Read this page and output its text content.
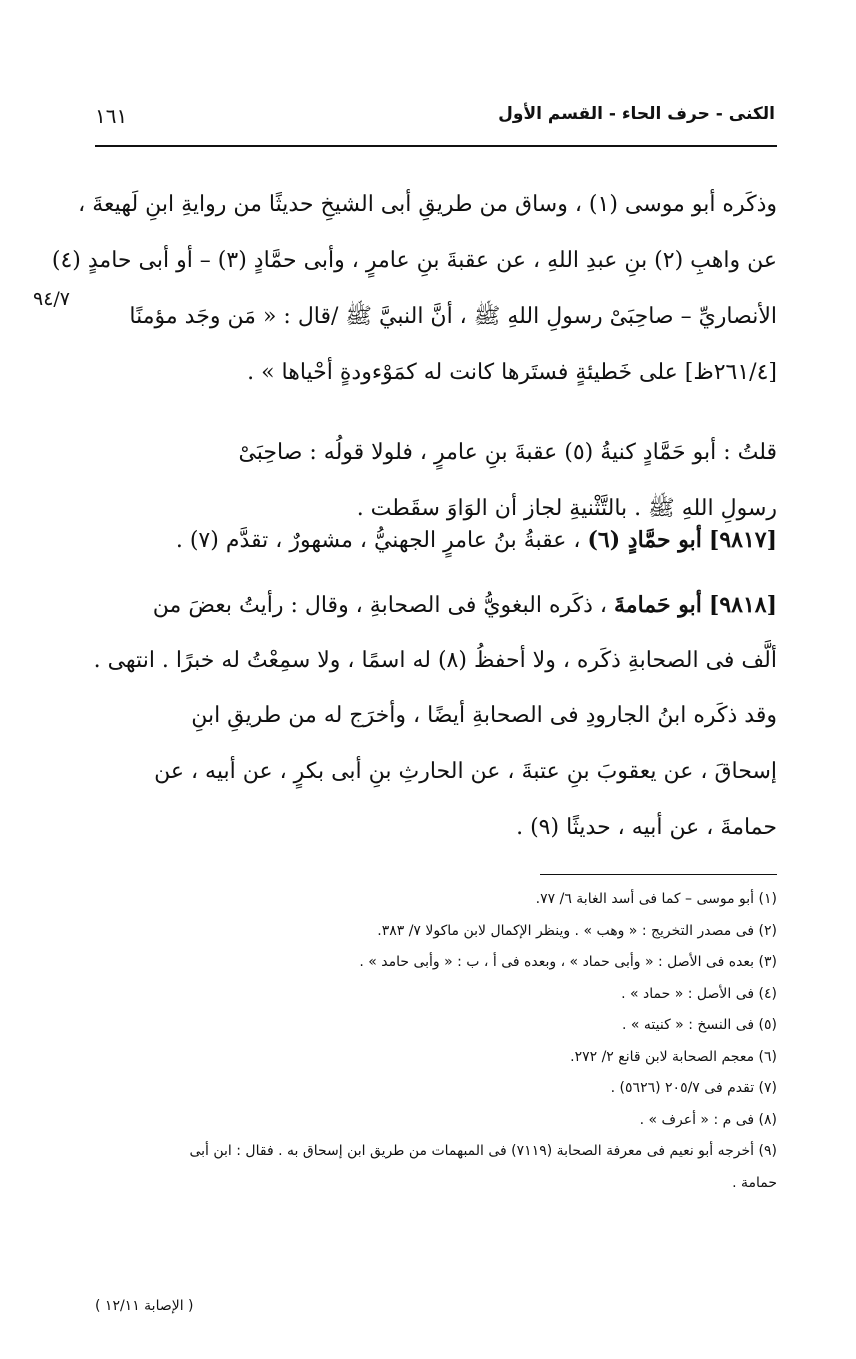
الكنى - حرف الحاء - القسم الأول
١٦١
٩٤/٧
وذكَره أبو موسى (١) ، وساق من طريقِ أبى الشيخِ حديثًا من روايةِ ابنِ لَهيعةَ ،
عن واهبِ (٢) بنِ عبدِ اللهِ ، عن عقبةَ بنِ عامرٍ ، وأبى حمَّادٍ (٣) – أو أبى حامدٍ (٤)
الأنصاريِّ – صاحِبَىْ رسولِ اللهِ ﷺ ، أنَّ النبيَّ ﷺ /قال : « مَن وجَد مؤمنًا
[٢٦١/٤ظ] على خَطيئةٍ فستَرها كانت له كمَوْءودةٍ أحْياها » .
قلتُ : أبو حَمَّادٍ كنيةُ (٥) عقبةَ بنِ عامرٍ ، فلولا قولُه : صاحِبَىْ
رسولِ اللهِ ﷺ . بالتَّثْنيةِ لجاز أن الوَاوَ سقَطت .
[٩٨١٧] أبو حمَّادٍ (٦) ، عقبةُ بنُ عامرٍ الجهنيُّ ، مشهورٌ ، تقدَّم (٧) .
[٩٨١٨] أبو حَمامةَ ، ذكَره البغويُّ فى الصحابةِ ، وقال : رأيتُ بعضَ من
ألَّف فى الصحابةِ ذكَره ، ولا أحفظُ (٨) له اسمًا ، ولا سمِعْتُ له خبرًا . انتهى .
وقد ذكَره ابنُ الجارودِ فى الصحابةِ أيضًا ، وأخرَج له من طريقِ ابنِ
إسحاقَ ، عن يعقوبَ بنِ عتبةَ ، عن الحارثِ بنِ أبى بكرٍ ، عن أبيه ، عن
حمامةَ ، عن أبيه ، حديثًا (٩) .
(١) أبو موسى – كما فى أسد الغابة ٦/ ٧٧.
(٢) فى مصدر التخريج : « وهب » . وينظر الإكمال لابن ماكولا ٧/ ٣٨٣.
(٣) بعده فى الأصل : « وأبى حماد » ، وبعده فى أ ، ب : « وأبى حامد » .
(٤) فى الأصل : « حماد » .
(٥) فى النسخ : « كنيته » .
(٦) معجم الصحابة لابن قانع ٢/ ٢٧٢.
(٧) تقدم فى ٢٠٥/٧ (٥٦٢٦) .
(٨) فى م : « أعرف » .
(٩) أخرجه أبو نعيم فى معرفة الصحابة (٧١١٩) فى المبهمات من طريق ابن إسحاق به . فقال : ابن أبى
حمامة .
( الإصابة ١٢/١١ )
